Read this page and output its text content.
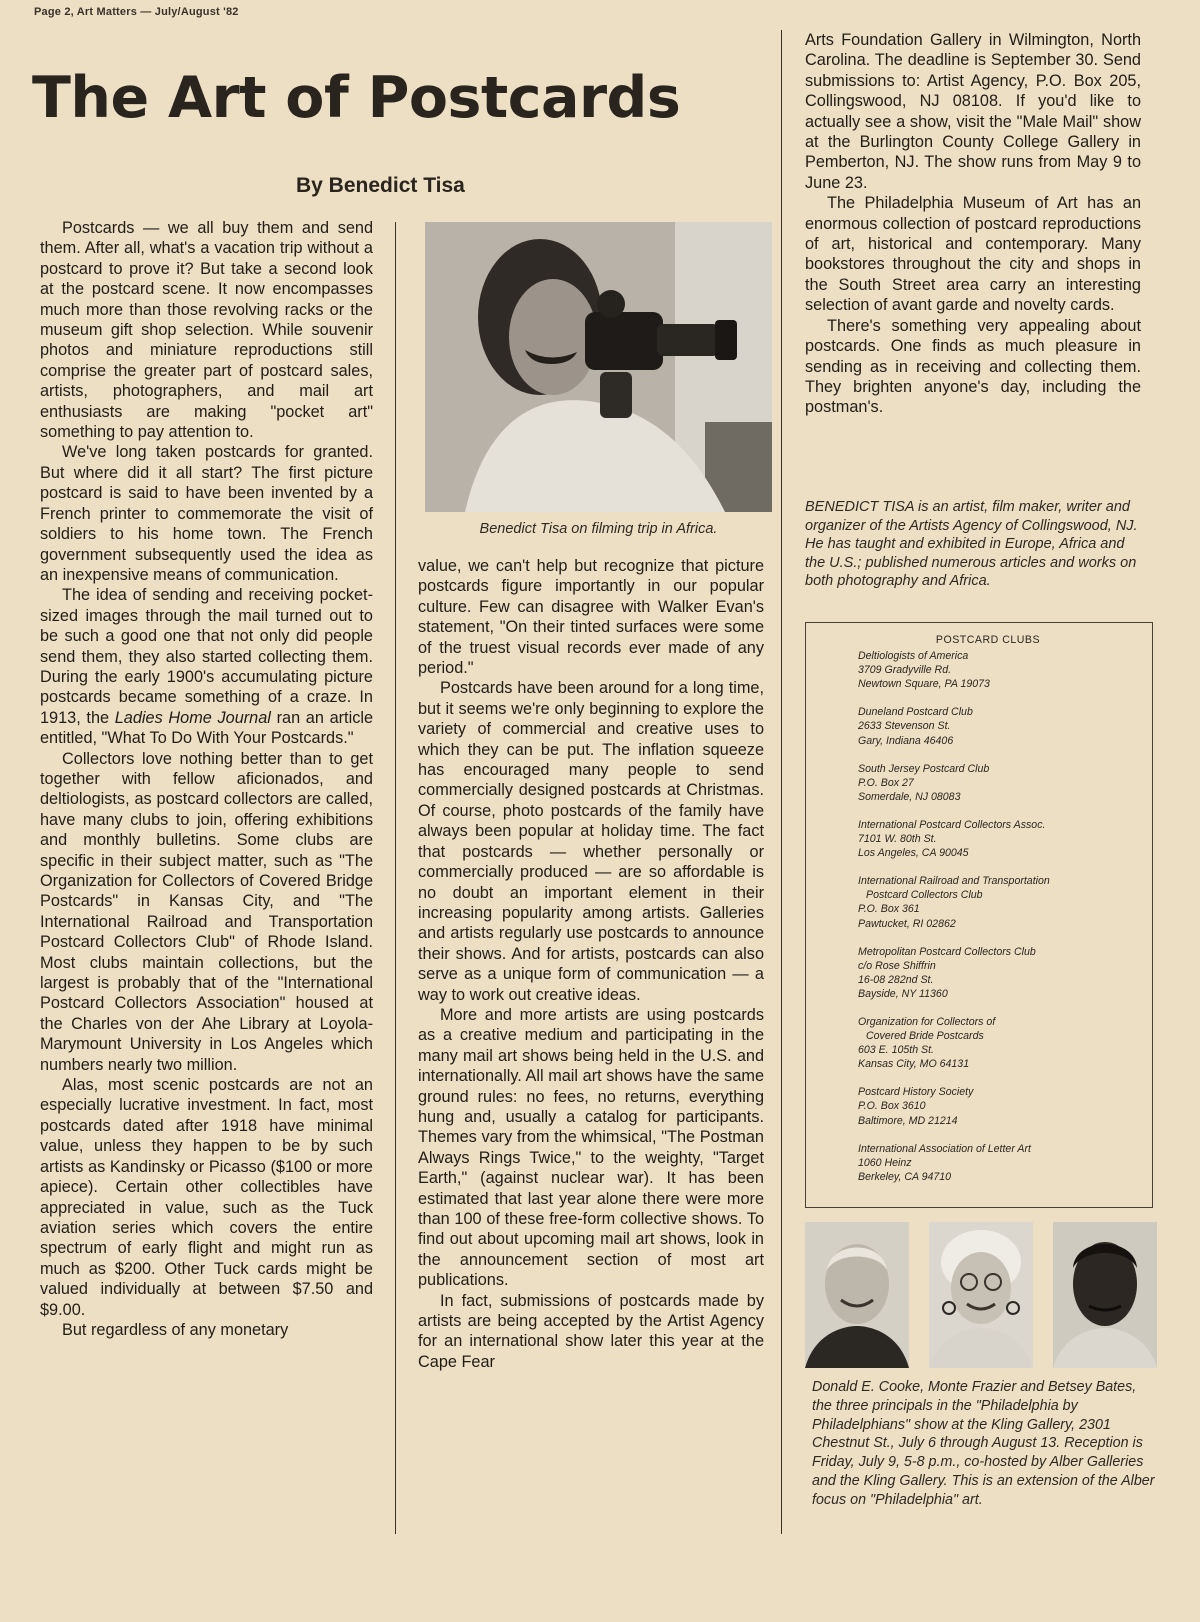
Page 2, Art Matters — July/August '82
The Art of Postcards
By Benedict Tisa

Postcards — we all buy them and send them. After all, what's a vacation trip without a postcard to prove it? But take a second look at the postcard scene. It now encompasses much more than those revolving racks or the museum gift shop selection. While souvenir photos and miniature reproductions still comprise the greater part of postcard sales, artists, photographers, and mail art enthusiasts are making "pocket art" something to pay attention to.

We've long taken postcards for granted. But where did it all start? The first picture postcard is said to have been invented by a French printer to commemorate the visit of soldiers to his home town. The French government subsequently used the idea as an inexpensive means of communication.

The idea of sending and receiving pocket-sized images through the mail turned out to be such a good one that not only did people send them, they also started collecting them. During the early 1900's accumulating picture postcards became something of a craze. In 1913, the Ladies Home Journal ran an article entitled, "What To Do With Your Postcards."

Collectors love nothing better than to get together with fellow aficionados, and deltiologists, as postcard collectors are called, have many clubs to join, offering exhibitions and monthly bulletins. Some clubs are specific in their subject matter, such as "The Organization for Collectors of Covered Bridge Postcards" in Kansas City, and "The International Railroad and Transportation Postcard Collectors Club" of Rhode Island. Most clubs maintain collections, but the largest is probably that of the "International Postcard Collectors Association" housed at the Charles von der Ahe Library at Loyola-Marymount University in Los Angeles which numbers nearly two million.

Alas, most scenic postcards are not an especially lucrative investment. In fact, most postcards dated after 1918 have minimal value, unless they happen to be by such artists as Kandinsky or Picasso ($100 or more apiece). Certain other collectibles have appreciated in value, such as the Tuck aviation series which covers the entire spectrum of early flight and might run as much as $200. Other Tuck cards might be valued individually at between $7.50 and $9.00.

But regardless of any monetary

Benedict Tisa on filming trip in Africa.

value, we can't help but recognize that picture postcards figure importantly in our popular culture. Few can disagree with Walker Evan's statement, "On their tinted surfaces were some of the truest visual records ever made of any period."

Postcards have been around for a long time, but it seems we're only beginning to explore the variety of commercial and creative uses to which they can be put. The inflation squeeze has encouraged many people to send commercially designed postcards at Christmas. Of course, photo postcards of the family have always been popular at holiday time. The fact that postcards — whether personally or commercially produced — are so affordable is no doubt an important element in their increasing popularity among artists. Galleries and artists regularly use postcards to announce their shows. And for artists, postcards can also serve as a unique form of communication — a way to work out creative ideas.

More and more artists are using postcards as a creative medium and participating in the many mail art shows being held in the U.S. and internationally. All mail art shows have the same ground rules: no fees, no returns, everything hung and, usually a catalog for participants. Themes vary from the whimsical, "The Postman Always Rings Twice," to the weighty, "Target Earth," (against nuclear war). It has been estimated that last year alone there were more than 100 of these free-form collective shows. To find out about upcoming mail art shows, look in the announcement section of most art publications.

In fact, submissions of postcards made by artists are being accepted by the Artist Agency for an international show later this year at the Cape Fear

Arts Foundation Gallery in Wilmington, North Carolina. The deadline is September 30. Send submissions to: Artist Agency, P.O. Box 205, Collingswood, NJ 08108. If you'd like to actually see a show, visit the "Male Mail" show at the Burlington County College Gallery in Pemberton, NJ. The show runs from May 9 to June 23.

The Philadelphia Museum of Art has an enormous collection of postcard reproductions of art, historical and contemporary. Many bookstores throughout the city and shops in the South Street area carry an interesting selection of avant garde and novelty cards.

There's something very appealing about postcards. One finds as much pleasure in sending as in receiving and collecting them. They brighten anyone's day, including the postman's.

BENEDICT TISA is an artist, film maker, writer and organizer of the Artists Agency of Collingswood, NJ. He has taught and exhibited in Europe, Africa and the U.S.; published numerous articles and works on both photography and Africa.
POSTCARD CLUBS
Deltiologists of America
3709 Gradyville Rd.
Newtown Square, PA 19073
Duneland Postcard Club
2633 Stevenson St.
Gary, Indiana 46406
South Jersey Postcard Club
P.O. Box 27
Somerdale, NJ 08083
International Postcard Collectors Assoc.
7101 W. 80th St.
Los Angeles, CA 90045
International Railroad and Transportation
Postcard Collectors Club
P.O. Box 361
Pawtucket, RI 02862
Metropolitan Postcard Collectors Club
c/o Rose Shiffrin
16-08 282nd St.
Bayside, NY 11360
Organization for Collectors of
Covered Bride Postcards
603 E. 105th St.
Kansas City, MO 64131
Postcard History Society
P.O. Box 3610
Baltimore, MD 21214
International Association of Letter Art
1060 Heinz
Berkeley, CA 94710
Donald E. Cooke, Monte Frazier and Betsey Bates, the three principals in the "Philadelphia by Philadelphians" show at the Kling Gallery, 2301 Chestnut St., July 6 through August 13. Reception is Friday, July 9, 5-8 p.m., co-hosted by Alber Galleries and the Kling Gallery. This is an extension of the Alber focus on "Philadelphia" art.
